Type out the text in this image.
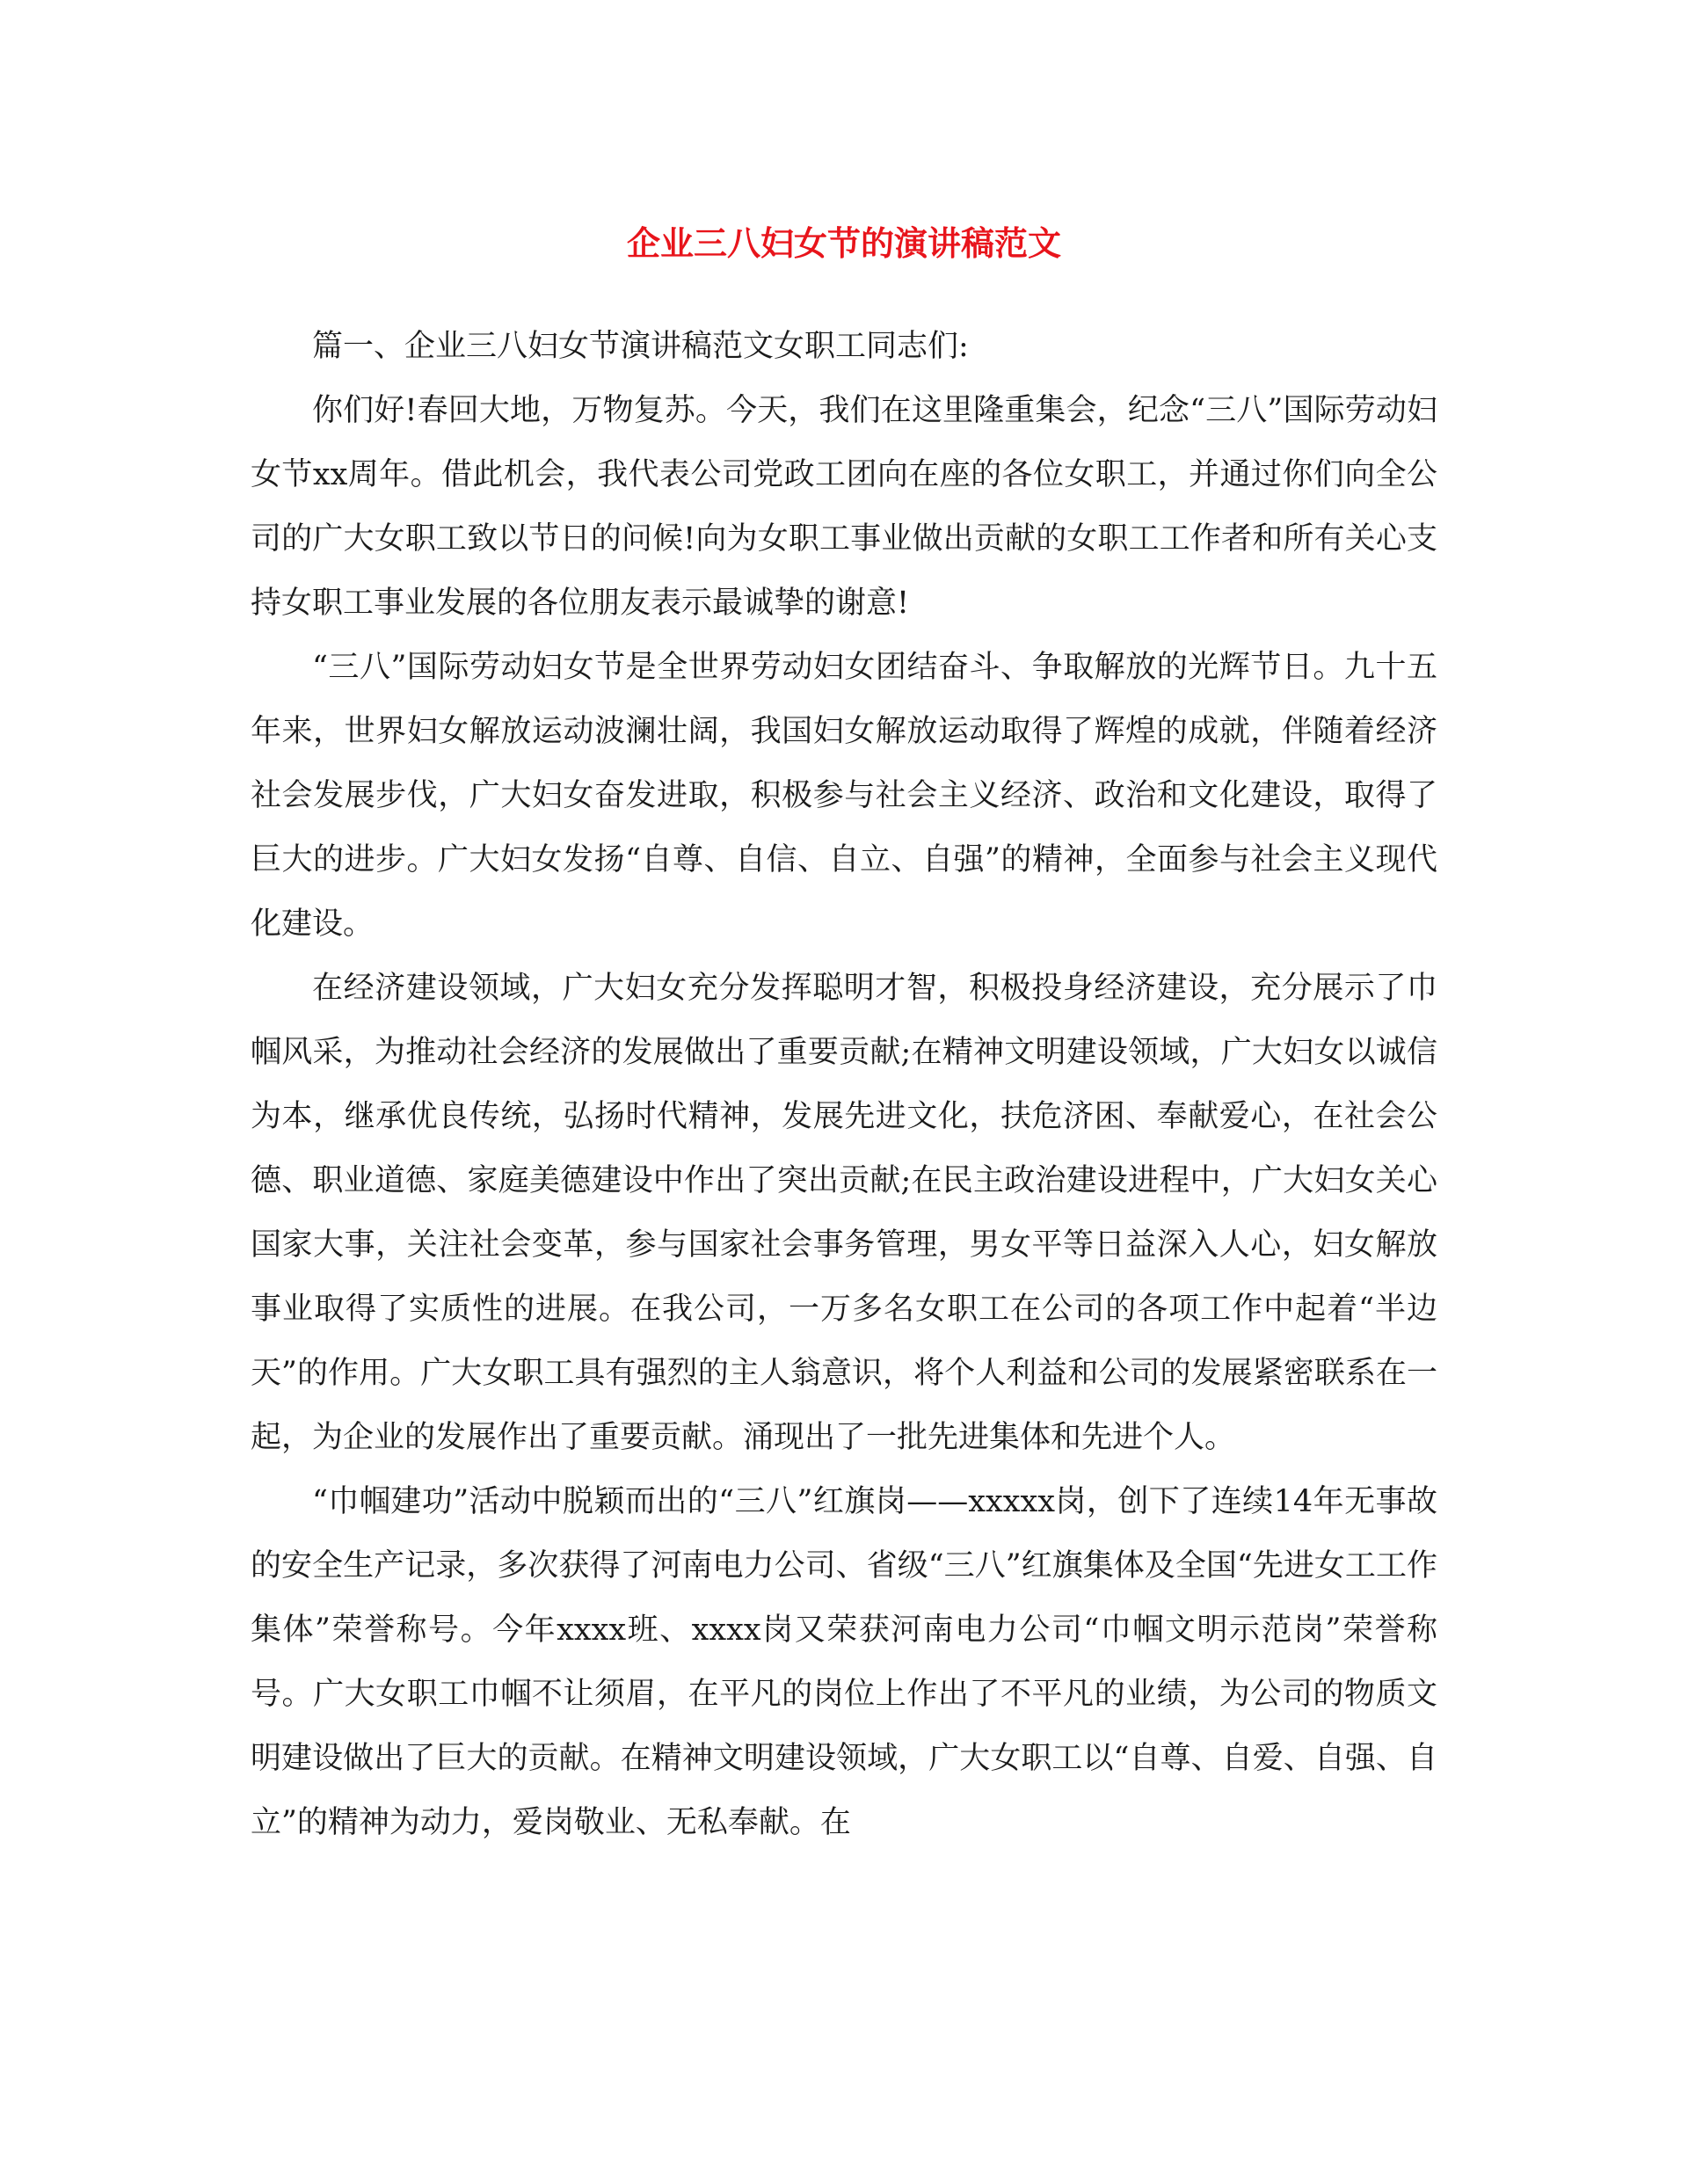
企业三八妇女节的演讲稿范文

篇一、企业三八妇女节演讲稿范文女职工同志们:

你们好!春回大地，万物复苏。今天，我们在这里隆重集会，纪念“三八”国际劳动妇女节xx周年。借此机会，我代表公司党政工团向在座的各位女职工，并通过你们向全公司的广大女职工致以节日的问候!向为女职工事业做出贡献的女职工工作者和所有关心支持女职工事业发展的各位朋友表示最诚挚的谢意!

“三八”国际劳动妇女节是全世界劳动妇女团结奋斗、争取解放的光辉节日。九十五年来，世界妇女解放运动波澜壮阔，我国妇女解放运动取得了辉煌的成就，伴随着经济社会发展步伐，广大妇女奋发进取，积极参与社会主义经济、政治和文化建设，取得了巨大的进步。广大妇女发扬“自尊、自信、自立、自强”的精神，全面参与社会主义现代化建设。

在经济建设领域，广大妇女充分发挥聪明才智，积极投身经济建设，充分展示了巾帼风采，为推动社会经济的发展做出了重要贡献;在精神文明建设领域，广大妇女以诚信为本，继承优良传统，弘扬时代精神，发展先进文化，扶危济困、奉献爱心，在社会公德、职业道德、家庭美德建设中作出了突出贡献;在民主政治建设进程中，广大妇女关心国家大事，关注社会变革，参与国家社会事务管理，男女平等日益深入人心，妇女解放事业取得了实质性的进展。在我公司，一万多名女职工在公司的各项工作中起着“半边天”的作用。广大女职工具有强烈的主人翁意识，将个人利益和公司的发展紧密联系在一起，为企业的发展作出了重要贡献。涌现出了一批先进集体和先进个人。

“巾帼建功”活动中脱颖而出的“三八”红旗岗——xxxxx岗，创下了连续14年无事故的安全生产记录，多次获得了河南电力公司、省级“三八”红旗集体及全国“先进女工工作集体”荣誉称号。今年xxxx班、xxxx岗又荣获河南电力公司“巾帼文明示范岗”荣誉称号。广大女职工巾帼不让须眉，在平凡的岗位上作出了不平凡的业绩，为公司的物质文明建设做出了巨大的贡献。在精神文明建设领域，广大女职工以“自尊、自爱、自强、自立”的精神为动力，爱岗敬业、无私奉献。在
